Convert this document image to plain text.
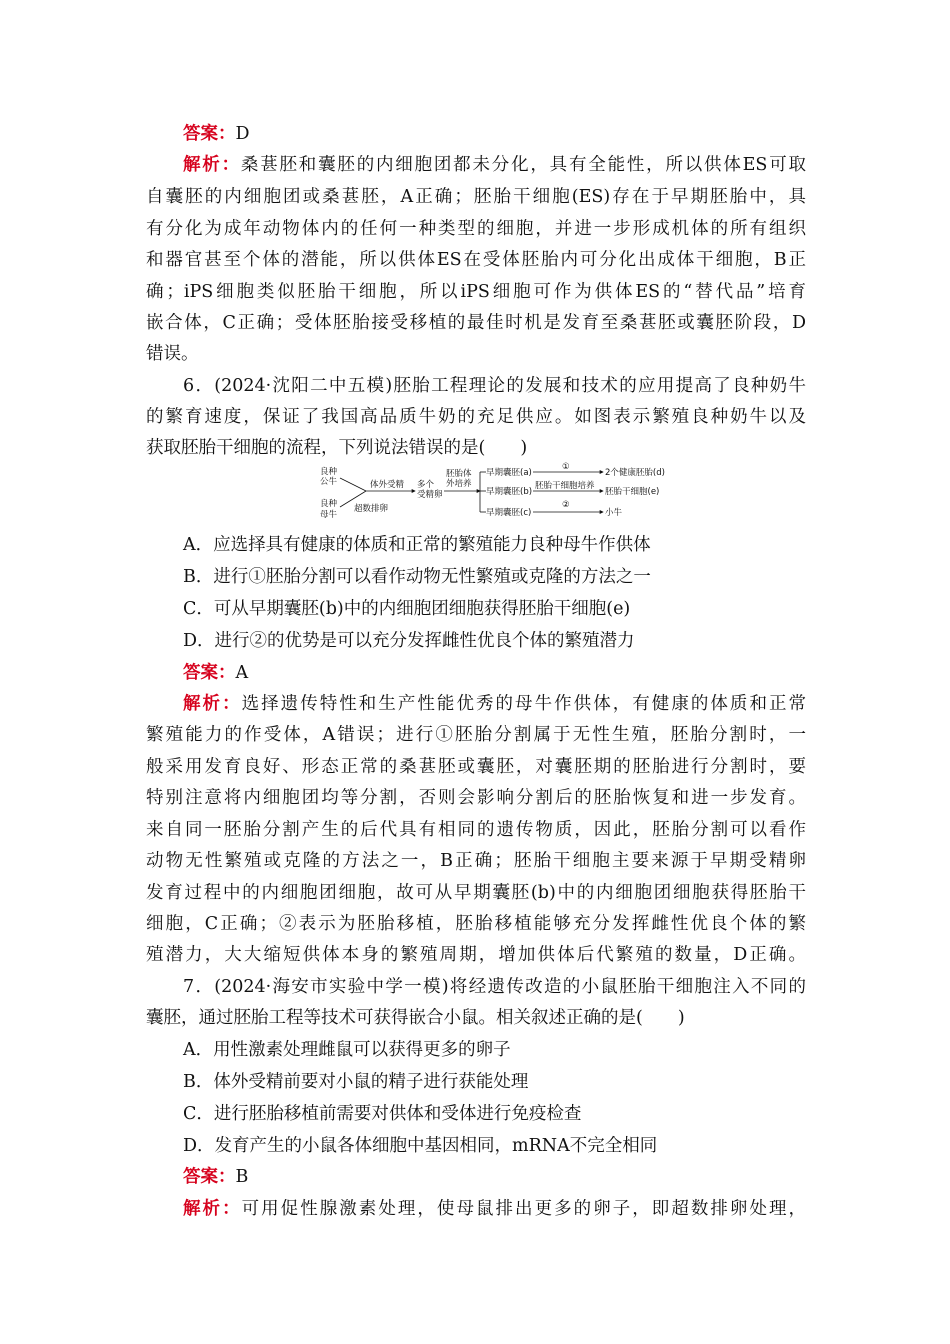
答案：D
解析：桑葚胚和囊胚的内细胞团都未分化，具有全能性，所以供体ES可取
自囊胚的内细胞团或桑葚胚，A正确；胚胎干细胞(ES)存在于早期胚胎中，具
有分化为成年动物体内的任何一种类型的细胞，并进一步形成机体的所有组织
和器官甚至个体的潜能，所以供体ES在受体胚胎内可分化出成体干细胞，B正
确；iPS细胞类似胚胎干细胞，所以iPS细胞可作为供体ES的“替代品”培育
嵌合体，C正确；受体胚胎接受移植的最佳时机是发育至桑葚胚或囊胚阶段，D
错误。
6．(2024·沈阳二中五模)胚胎工程理论的发展和技术的应用提高了良种奶牛
的繁育速度，保证了我国高品质牛奶的充足供应。如图表示繁殖良种奶牛以及
获取胚胎干细胞的流程，下列说法错误的是(　　)
良种
公牛
良种
母牛
体外受精
超数排卵
多个
受精卵
胚胎体
外培养
早期囊胚(a)
早期囊胚(b)
早期囊胚(c)
①
2个健康胚胎(d)
胚胎干细胞培养
胚胎干细胞(e)
②
小牛
A．应选择具有健康的体质和正常的繁殖能力良种母牛作供体
B．进行①胚胎分割可以看作动物无性繁殖或克隆的方法之一
C．可从早期囊胚(b)中的内细胞团细胞获得胚胎干细胞(e)
D．进行②的优势是可以充分发挥雌性优良个体的繁殖潜力
答案：A
解析：选择遗传特性和生产性能优秀的母牛作供体，有健康的体质和正常
繁殖能力的作受体，A错误；进行①胚胎分割属于无性生殖，胚胎分割时，一
般采用发育良好、形态正常的桑葚胚或囊胚，对囊胚期的胚胎进行分割时，要
特别注意将内细胞团均等分割，否则会影响分割后的胚胎恢复和进一步发育。
来自同一胚胎分割产生的后代具有相同的遗传物质，因此，胚胎分割可以看作
动物无性繁殖或克隆的方法之一，B正确；胚胎干细胞主要来源于早期受精卵
发育过程中的内细胞团细胞，故可从早期囊胚(b)中的内细胞团细胞获得胚胎干
细胞，C正确；②表示为胚胎移植，胚胎移植能够充分发挥雌性优良个体的繁
殖潜力，大大缩短供体本身的繁殖周期，增加供体后代繁殖的数量，D正确。
7．(2024·海安市实验中学一模)将经遗传改造的小鼠胚胎干细胞注入不同的
囊胚，通过胚胎工程等技术可获得嵌合小鼠。相关叙述正确的是(　　)
A．用性激素处理雌鼠可以获得更多的卵子
B．体外受精前要对小鼠的精子进行获能处理
C．进行胚胎移植前需要对供体和受体进行免疫检查
D．发育产生的小鼠各体细胞中基因相同，mRNA不完全相同
答案：B
解析：可用促性腺激素处理，使母鼠排出更多的卵子，即超数排卵处理，
